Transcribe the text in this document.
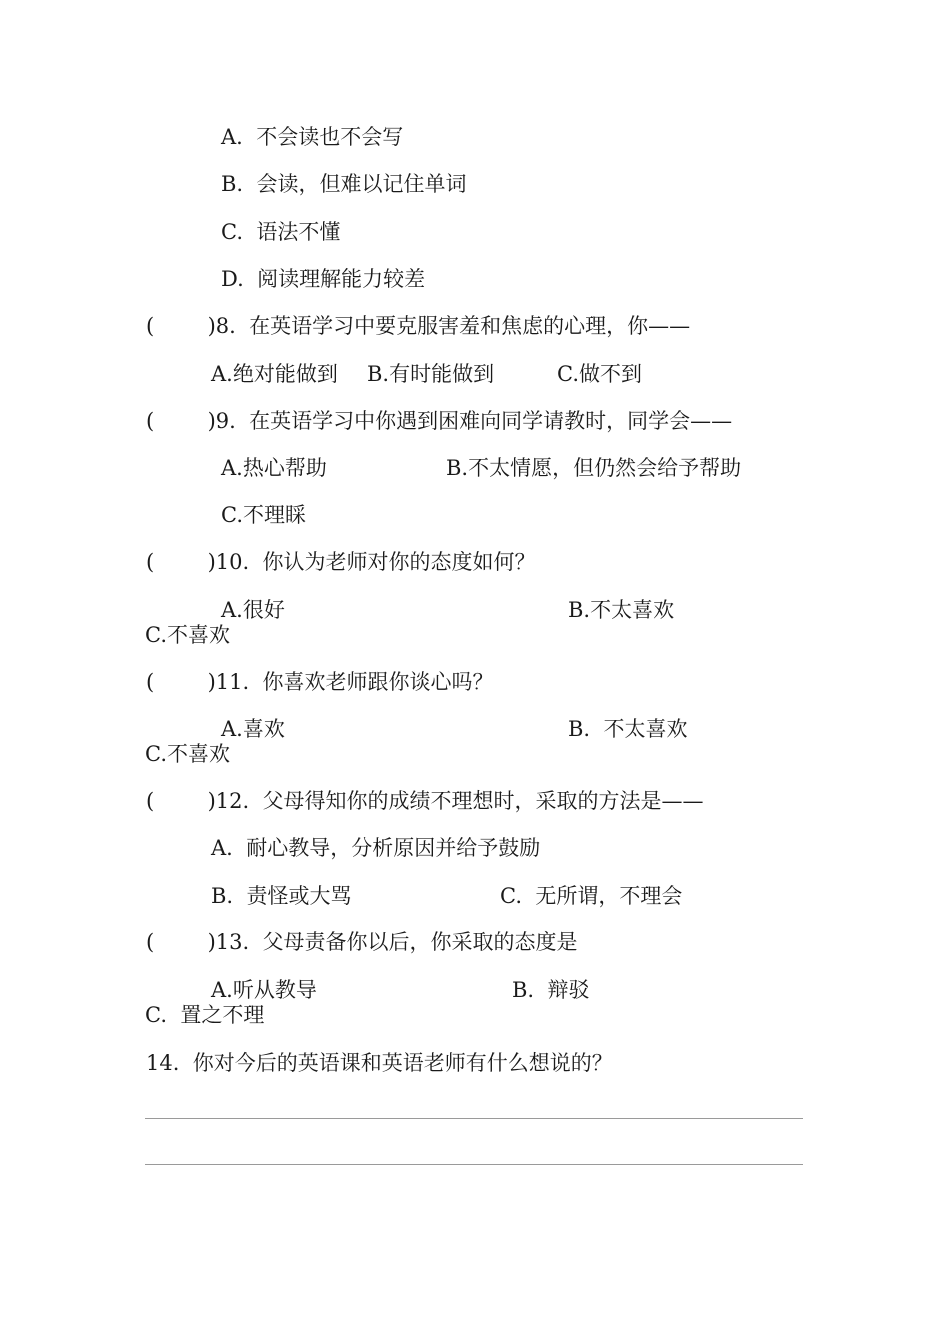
A.  不会读也不会写
B.  会读，但难以记住单词
C.  语法不懂
D.  阅读理解能力较差
(        )8.  在英语学习中要克服害羞和焦虑的心理，你——
A.绝对能做到 B.有时能做到	C.做不到
(        )9.  在英语学习中你遇到困难向同学请教时，同学会——
A.热心帮助	B.不太情愿，但仍然会给予帮助
C.不理睬
(        )10.  你认为老师对你的态度如何？
A.很好	B.不太喜欢
C.不喜欢
(        )11.  你喜欢老师跟你谈心吗？
A.喜欢	B.  不太喜欢
C.不喜欢
(        )12.  父母得知你的成绩不理想时，采取的方法是——
A.  耐心教导，分析原因并给予鼓励
B.  责怪或大骂	C.  无所谓，不理会
(        )13.  父母责备你以后，你采取的态度是
A.听从教导	B.  辩驳
C.  置之不理
14.  你对今后的英语课和英语老师有什么想说的？
